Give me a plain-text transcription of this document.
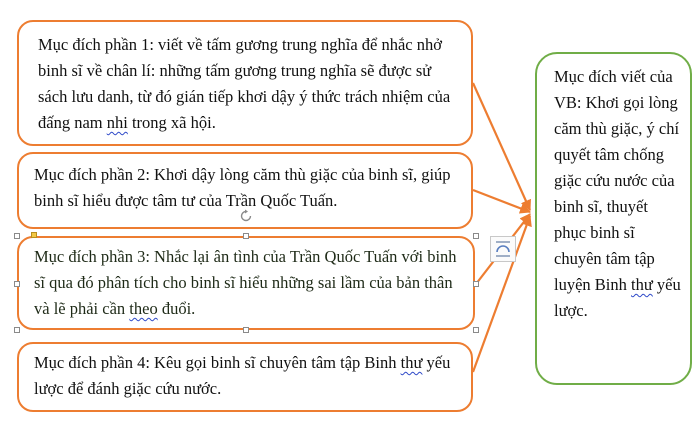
Mục đích phần 1: viết về tấm gương trung nghĩa để nhắc nhở binh sĩ về chân lí: những tấm gương trung nghĩa sẽ được sử sách lưu danh, từ đó gián tiếp khơi dậy ý thức trách nhiệm của đấng nam nhi trong xã hội.

Mục đích phần 2: Khơi dậy lòng căm thù giặc của binh sĩ, giúp binh sĩ hiểu được tâm tư của Trần Quốc Tuấn.

Mục đích phần 3: Nhắc lại ân tình của Trần Quốc Tuấn với binh sĩ qua đó phân tích cho binh sĩ hiểu những sai lầm của bản thân và lẽ phải cần theo đuổi.

Mục đích phần 4: Kêu gọi binh sĩ chuyên tâm tập Binh thư yếu lược để đánh giặc cứu nước.

Mục đích viết của VB: Khơi gọi lòng căm thù giặc, ý chí quyết tâm chống giặc cứu nước của binh sĩ, thuyết phục binh sĩ chuyên tâm tập luyện Binh thư yếu lược.
